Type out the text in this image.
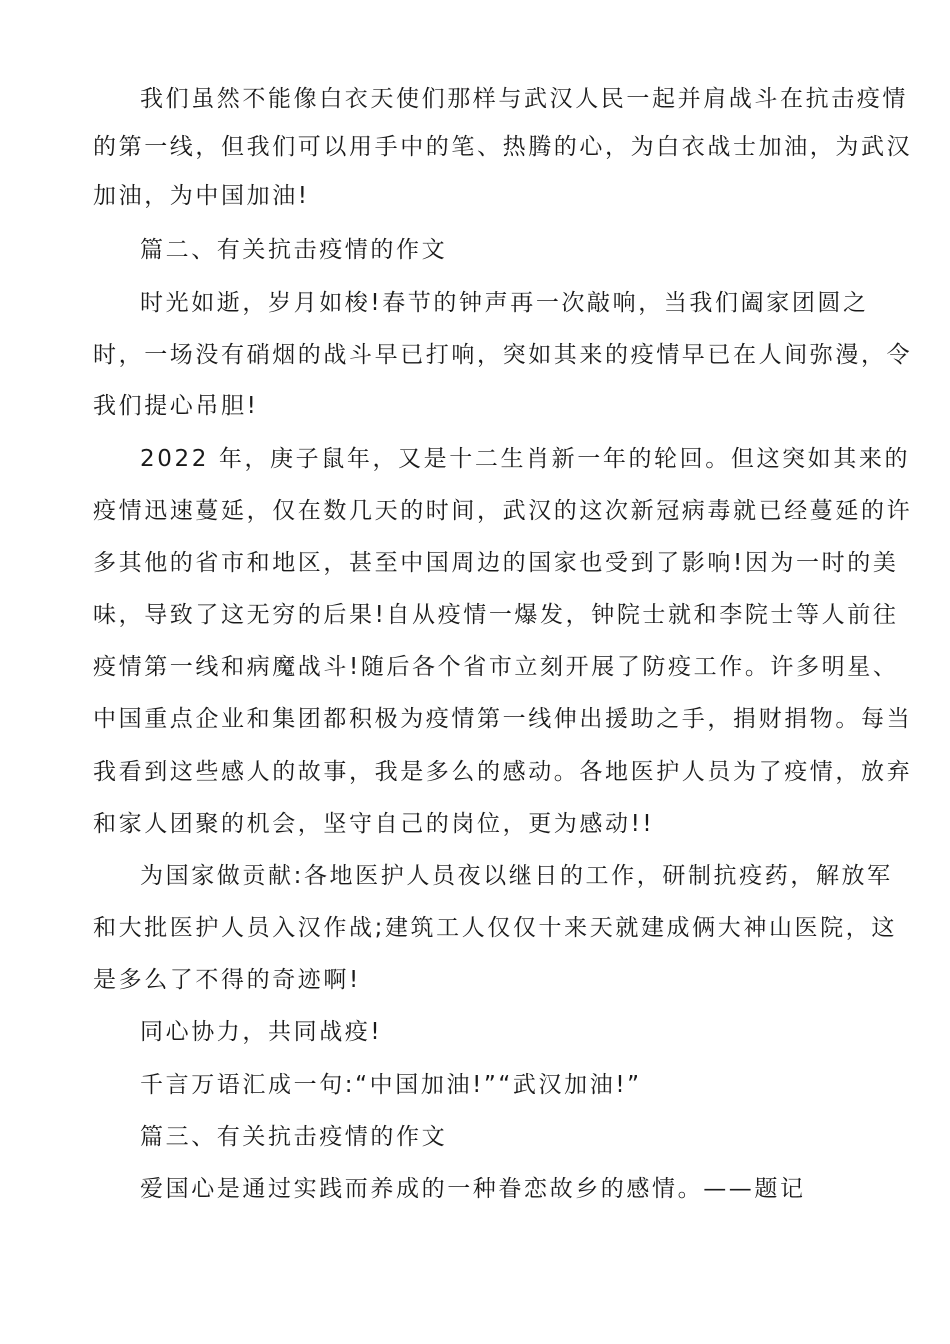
我们虽然不能像白衣天使们那样与武汉人民一起并肩战斗在抗击疫情
的第一线，但我们可以用手中的笔、热腾的心，为白衣战士加油，为武汉
加油，为中国加油!
篇二、有关抗击疫情的作文
时光如逝，岁月如梭!春节的钟声再一次敲响，当我们阖家团圆之
时，一场没有硝烟的战斗早已打响，突如其来的疫情早已在人间弥漫，令
我们提心吊胆!
2022 年，庚子鼠年，又是十二生肖新一年的轮回。但这突如其来的
疫情迅速蔓延，仅在数几天的时间，武汉的这次新冠病毒就已经蔓延的许
多其他的省市和地区，甚至中国周边的国家也受到了影响!因为一时的美
味，导致了这无穷的后果!自从疫情一爆发，钟院士就和李院士等人前往
疫情第一线和病魔战斗!随后各个省市立刻开展了防疫工作。许多明星、
中国重点企业和集团都积极为疫情第一线伸出援助之手，捐财捐物。每当
我看到这些感人的故事，我是多么的感动。各地医护人员为了疫情，放弃
和家人团聚的机会，坚守自己的岗位，更为感动!!
为国家做贡献:各地医护人员夜以继日的工作，研制抗疫药，解放军
和大批医护人员入汉作战;建筑工人仅仅十来天就建成俩大神山医院，这
是多么了不得的奇迹啊!
同心协力，共同战疫!
千言万语汇成一句:“中国加油!”“武汉加油!”
篇三、有关抗击疫情的作文
爱国心是通过实践而养成的一种眷恋故乡的感情。——题记
